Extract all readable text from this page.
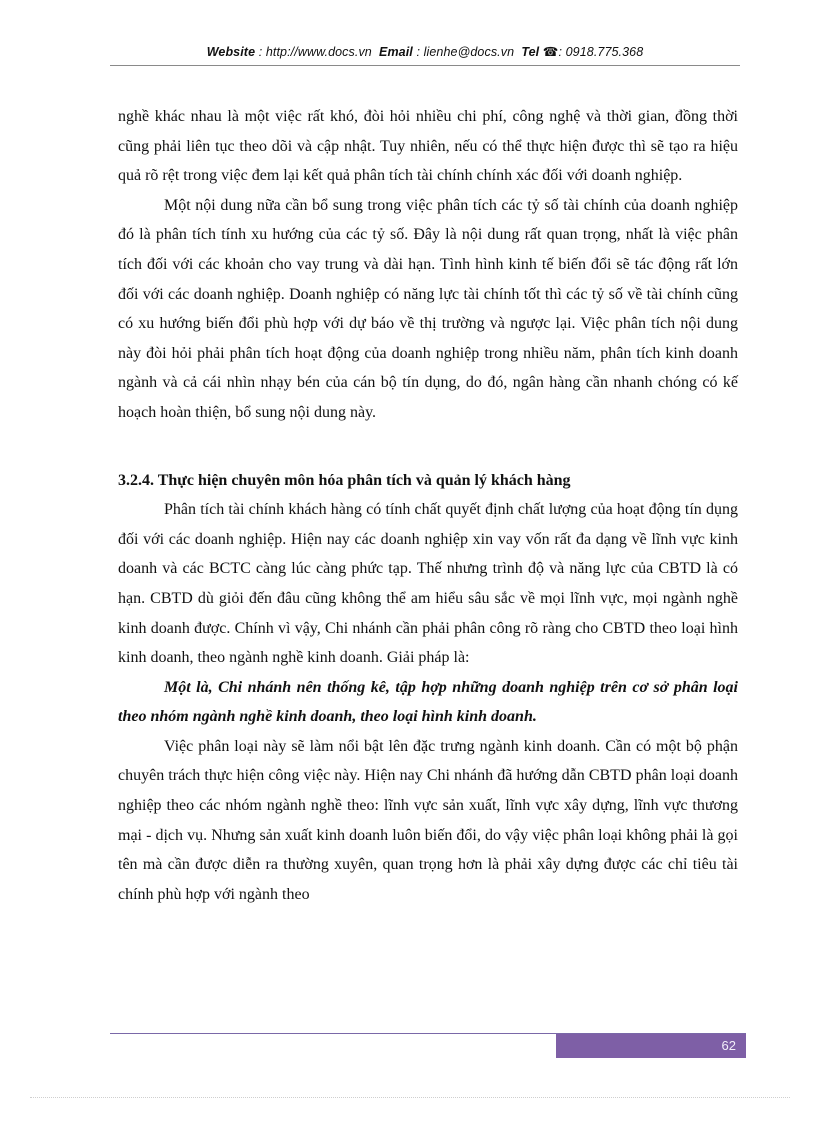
Website : http://www.docs.vn Email : lienhe@docs.vn Tel ☎: 0918.775.368

nghề khác nhau là một việc rất khó, đòi hỏi nhiều chi phí, công nghệ và thời gian, đồng thời cũng phải liên tục theo dõi và cập nhật. Tuy nhiên, nếu có thể thực hiện được thì sẽ tạo ra hiệu quả rõ rệt trong việc đem lại kết quả phân tích tài chính chính xác đối với doanh nghiệp.

Một nội dung nữa cần bổ sung trong việc phân tích các tỷ số tài chính của doanh nghiệp đó là phân tích tính xu hướng của các tỷ số. Đây là nội dung rất quan trọng, nhất là việc phân tích đối với các khoản cho vay trung và dài hạn. Tình hình kinh tế biến đổi sẽ tác động rất lớn đối với các doanh nghiệp. Doanh nghiệp có năng lực tài chính tốt thì các tỷ số về tài chính cũng có xu hướng biến đổi phù hợp với dự báo về thị trường và ngược lại. Việc phân tích nội dung này đòi hỏi phải phân tích hoạt động của doanh nghiệp trong nhiều năm, phân tích kinh doanh ngành và cả cái nhìn nhạy bén của cán bộ tín dụng, do đó, ngân hàng cần nhanh chóng có kế hoạch hoàn thiện, bổ sung nội dung này.

3.2.4. Thực hiện chuyên môn hóa phân tích và quản lý khách hàng

Phân tích tài chính khách hàng có tính chất quyết định chất lượng của hoạt động tín dụng đối với các doanh nghiệp. Hiện nay các doanh nghiệp xin vay vốn rất đa dạng về lĩnh vực kinh doanh và các BCTC càng lúc càng phức tạp. Thế nhưng trình độ và năng lực của CBTD là có hạn. CBTD dù giỏi đến đâu cũng không thể am hiểu sâu sắc về mọi lĩnh vực, mọi ngành nghề kinh doanh được. Chính vì vậy, Chi nhánh cần phải phân công rõ ràng cho CBTD theo loại hình kinh doanh, theo ngành nghề kinh doanh. Giải pháp là:

Một là, Chi nhánh nên thống kê, tập hợp những doanh nghiệp trên cơ sở phân loại theo nhóm ngành nghề kinh doanh, theo loại hình kinh doanh.

Việc phân loại này sẽ làm nổi bật lên đặc trưng ngành kinh doanh. Cần có một bộ phận chuyên trách thực hiện công việc này. Hiện nay Chi nhánh đã hướng dẫn CBTD phân loại doanh nghiệp theo các nhóm ngành nghề theo: lĩnh vực sản xuất, lĩnh vực xây dựng, lĩnh vực thương mại - dịch vụ. Nhưng sản xuất kinh doanh luôn biến đổi, do vậy việc phân loại không phải là gọi tên mà cần được diễn ra thường xuyên, quan trọng hơn là phải xây dựng được các chỉ tiêu tài chính phù hợp với ngành theo

62
